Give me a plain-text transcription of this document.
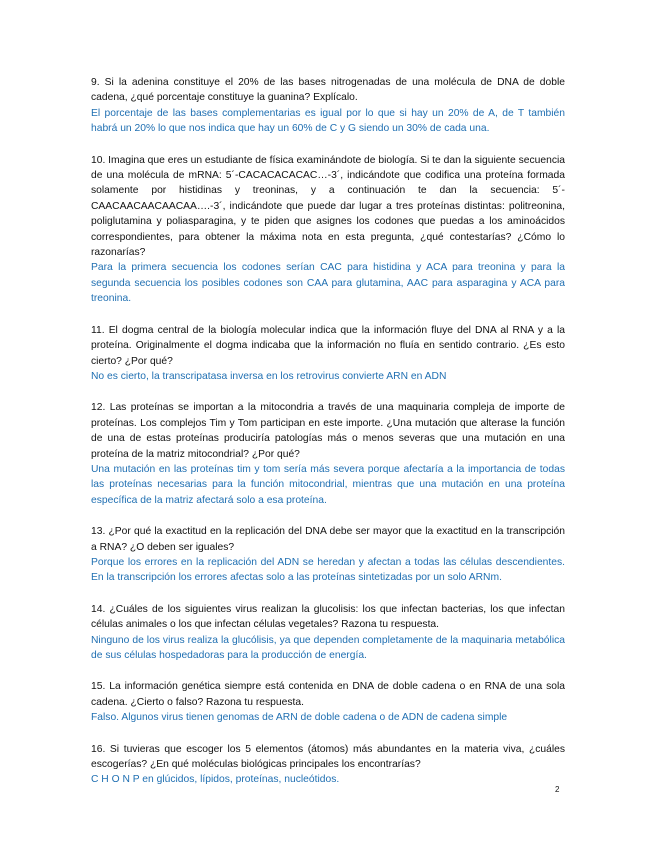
9. Si la adenina constituye el 20% de las bases nitrogenadas de una molécula de DNA de doble cadena, ¿qué porcentaje constituye la guanina? Explícalo.

El porcentaje de las bases complementarias es igual por lo que si hay un 20% de A, de T también habrá un 20% lo que nos indica que hay un 60% de C y G siendo un 30% de cada una.

10. Imagina que eres un estudiante de física examinándote de biología. Si te dan la siguiente secuencia de una molécula de mRNA: 5´-CACACACACAC…-3´, indicándote que codifica una proteína formada solamente por histidinas y treoninas, y a continuación te dan la secuencia: 5´-CAACAACAACAACAA….-3´, indicándote que puede dar lugar a tres proteínas distintas: politreonina, poliglutamina y poliasparagina, y te piden que asignes los codones que puedas a los aminoácidos correspondientes, para obtener la máxima nota en esta pregunta, ¿qué contestarías? ¿Cómo lo razonarías?

Para la primera secuencia los codones serían CAC para histidina y ACA para treonina y para la segunda secuencia los posibles codones son CAA para glutamina, AAC para asparagina y ACA para treonina.

11. El dogma central de la biología molecular indica que la información fluye del DNA al RNA y a la proteína. Originalmente el dogma indicaba que la información no fluía en sentido contrario. ¿Es esto cierto? ¿Por qué?

No es cierto, la transcripatasa inversa en los retrovirus convierte ARN en ADN

12. Las proteínas se importan a la mitocondria a través de una maquinaria compleja de importe de proteínas. Los complejos Tim y Tom participan en este importe. ¿Una mutación que alterase la función de una de estas proteínas produciría patologías más o menos severas que una mutación en una proteína de la matriz mitocondrial? ¿Por qué?

Una mutación en las proteínas tim y tom sería más severa porque afectaría a la importancia de todas las proteínas necesarias para la función mitocondrial, mientras que una mutación en una proteína específica de la matriz afectará solo a esa proteína.

13. ¿Por qué la exactitud en la replicación del DNA debe ser mayor que la exactitud en la transcripción a RNA? ¿O deben ser iguales?

Porque los errores en la replicación del ADN se heredan y afectan a todas las células descendientes. En la transcripción los errores afectas solo a las proteínas sintetizadas por un solo ARNm.

14. ¿Cuáles de los siguientes virus realizan la glucolisis: los que infectan bacterias, los que infectan células animales o los que infectan células vegetales? Razona tu respuesta.

Ninguno de los virus realiza la glucólisis, ya que dependen completamente de la maquinaria metabólica de sus células hospedadoras para la producción de energía.

15. La información genética siempre está contenida en DNA de doble cadena o en RNA de una sola cadena. ¿Cierto o falso? Razona tu respuesta.

Falso. Algunos virus tienen genomas de ARN de doble cadena o de ADN de cadena simple

16. Si tuvieras que escoger los 5 elementos (átomos) más abundantes en la materia viva, ¿cuáles escogerías? ¿En qué moléculas biológicas principales los encontrarías?

C H O N P en glúcidos, lípidos, proteínas, nucleótidos.

2
